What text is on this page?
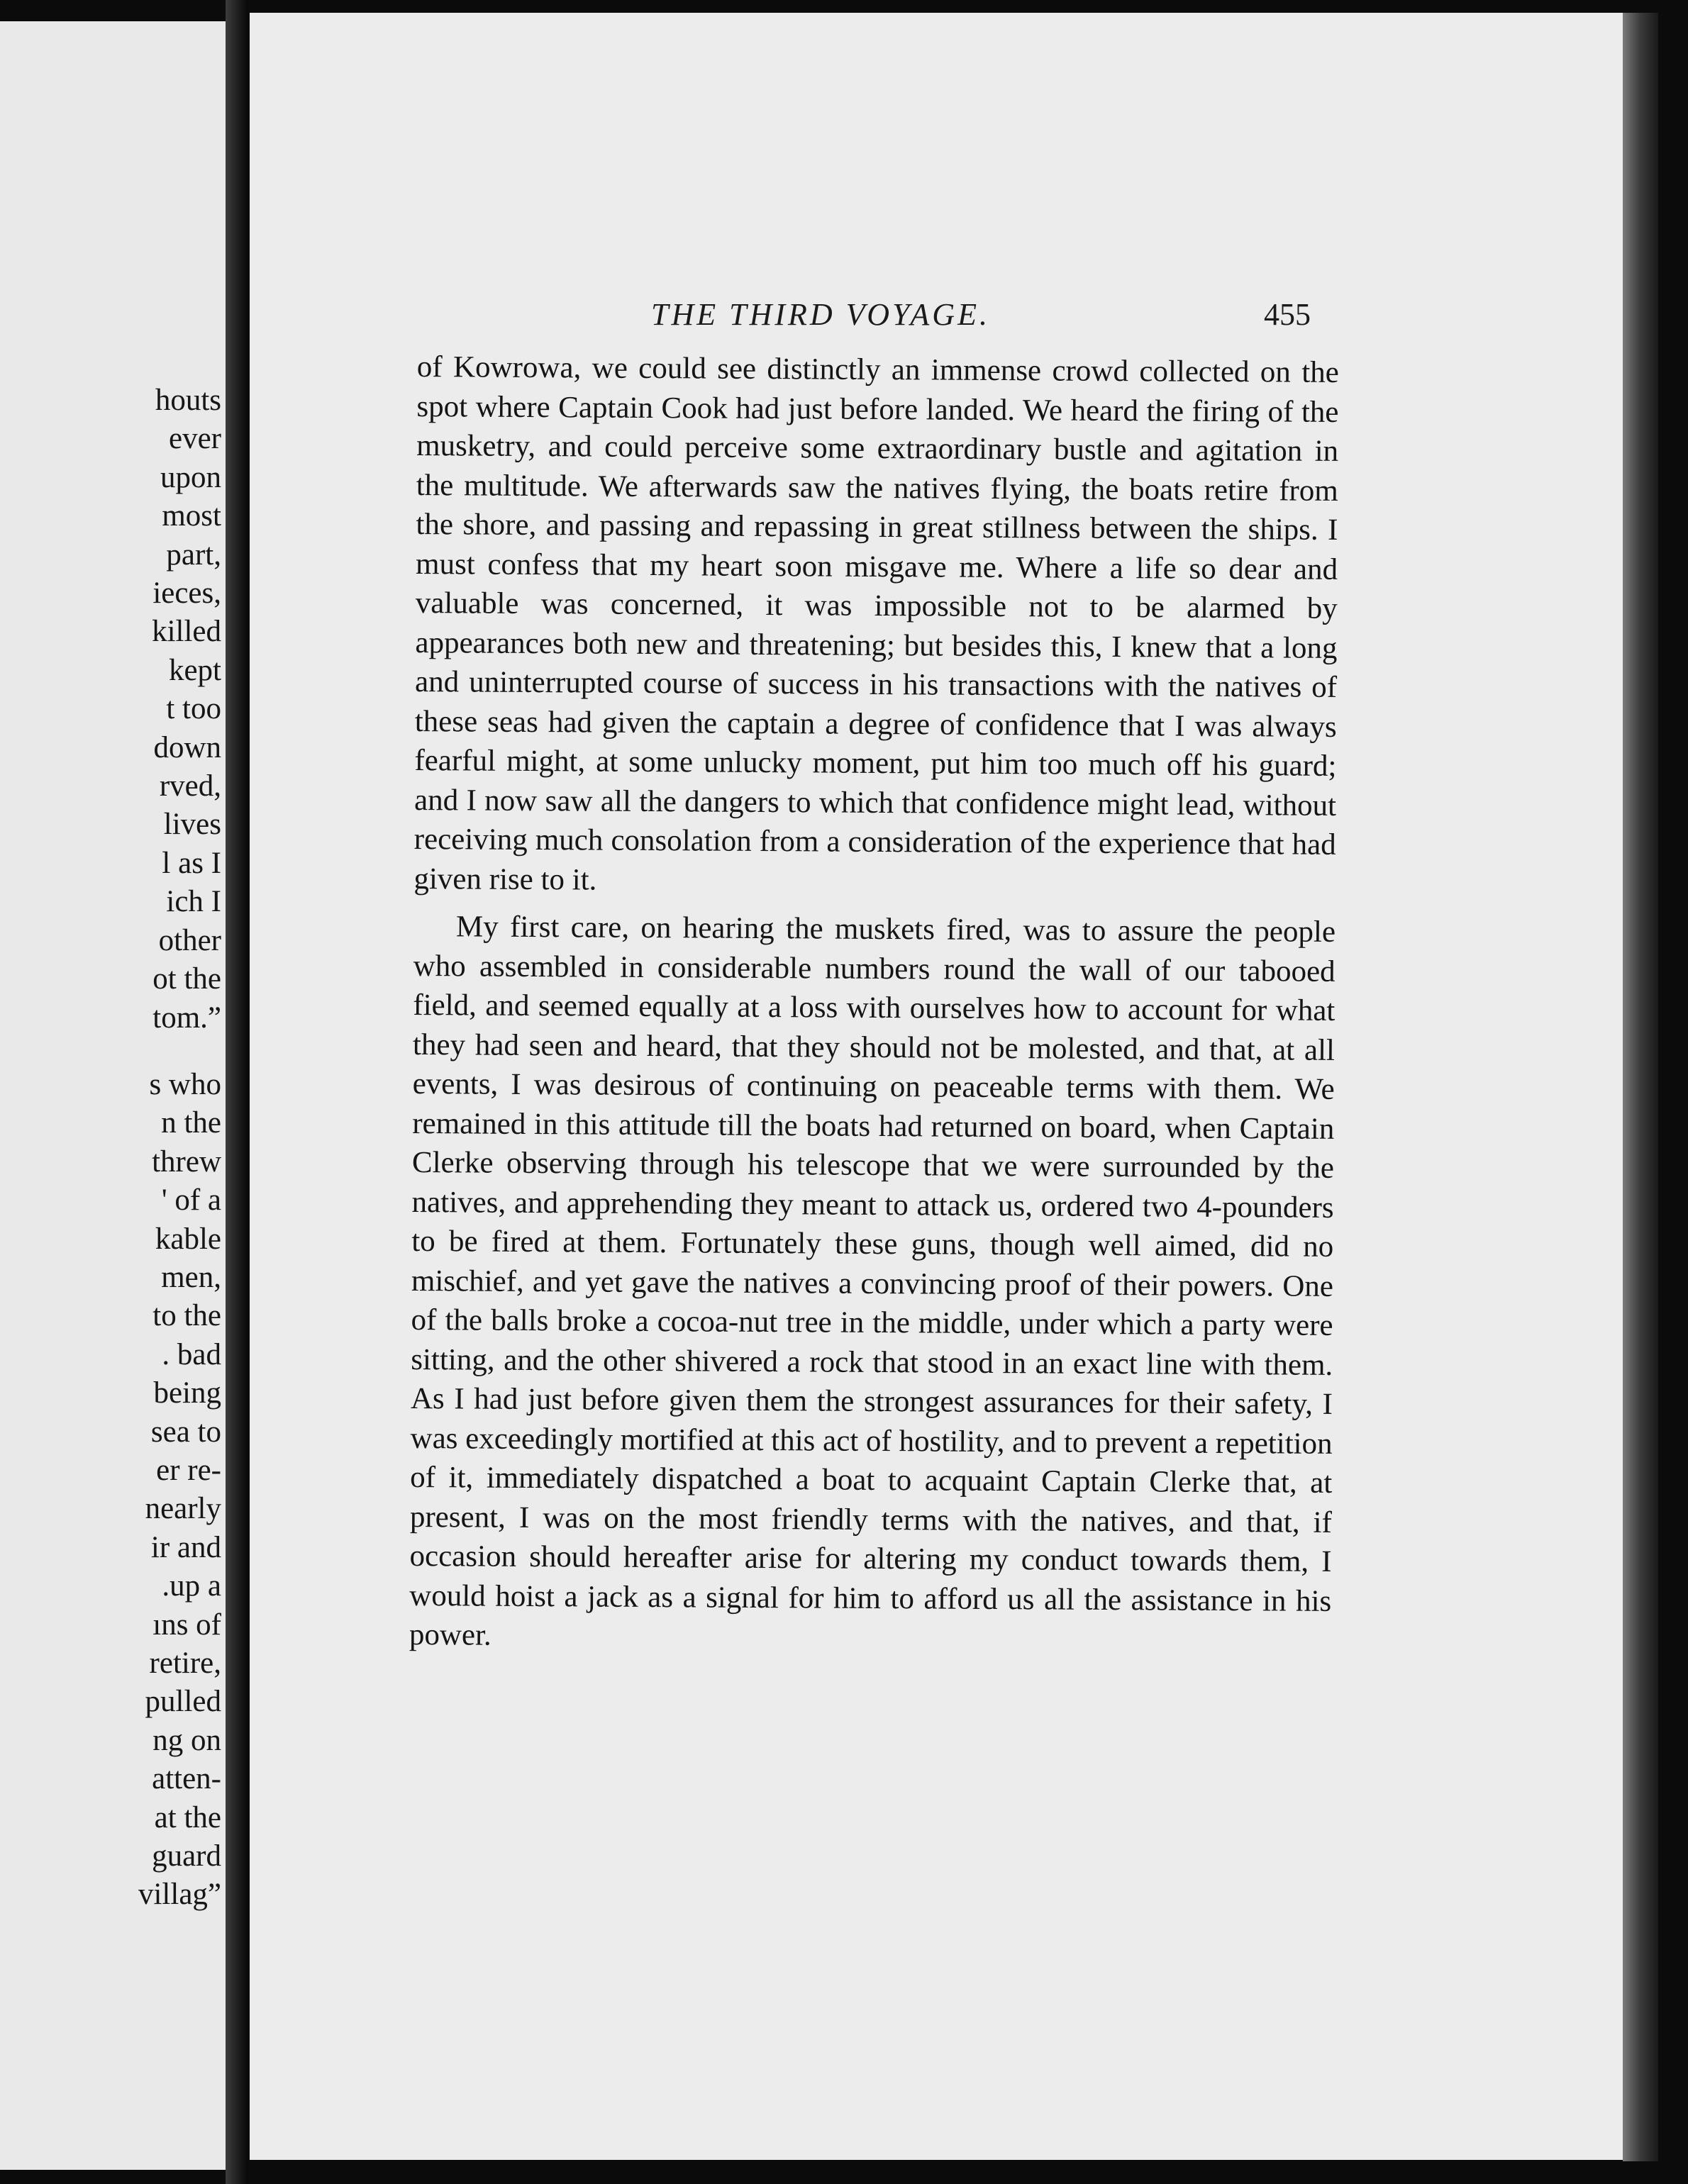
houts
ever
upon
most
part,
ieces,
killed
kept
t too
down
rved,
lives
l as I
ich I
other
ot the
tom.”
s who
n the
threw
' of a
kable
men,
to the
. bad
being
sea to
er re-
nearly
ir and
.up a
ıns of
retire,
pulled
ng on
atten-
at the
guard
villag”
THE THIRD VOYAGE.	455

of Kowrowa, we could see distinctly an immense crowd collected on the spot where Captain Cook had just before landed. We heard the firing of the musketry, and could perceive some extraordinary bustle and agitation in the multitude. We afterwards saw the natives flying, the boats retire from the shore, and passing and repassing in great stillness between the ships. I must confess that my heart soon misgave me. Where a life so dear and valuable was concerned, it was impossible not to be alarmed by appearances both new and threatening; but besides this, I knew that a long and uninterrupted course of success in his transactions with the natives of these seas had given the captain a degree of confidence that I was always fearful might, at some unlucky moment, put him too much off his guard; and I now saw all the dangers to which that confidence might lead, without receiving much consolation from a consideration of the experience that had given rise to it.

My first care, on hearing the muskets fired, was to assure the people who assembled in considerable numbers round the wall of our tabooed field, and seemed equally at a loss with ourselves how to account for what they had seen and heard, that they should not be molested, and that, at all events, I was desirous of continuing on peaceable terms with them. We remained in this attitude till the boats had returned on board, when Captain Clerke observing through his telescope that we were surrounded by the natives, and apprehending they meant to attack us, ordered two 4-pounders to be fired at them. Fortunately these guns, though well aimed, did no mischief, and yet gave the natives a convincing proof of their powers. One of the balls broke a cocoa-nut tree in the middle, under which a party were sitting, and the other shivered a rock that stood in an exact line with them. As I had just before given them the strongest assurances for their safety, I was exceedingly mortified at this act of hostility, and to prevent a repetition of it, immediately dispatched a boat to acquaint Captain Clerke that, at present, I was on the most friendly terms with the natives, and that, if occasion should hereafter arise for altering my conduct towards them, I would hoist a jack as a signal for him to afford us all the assistance in his power.
